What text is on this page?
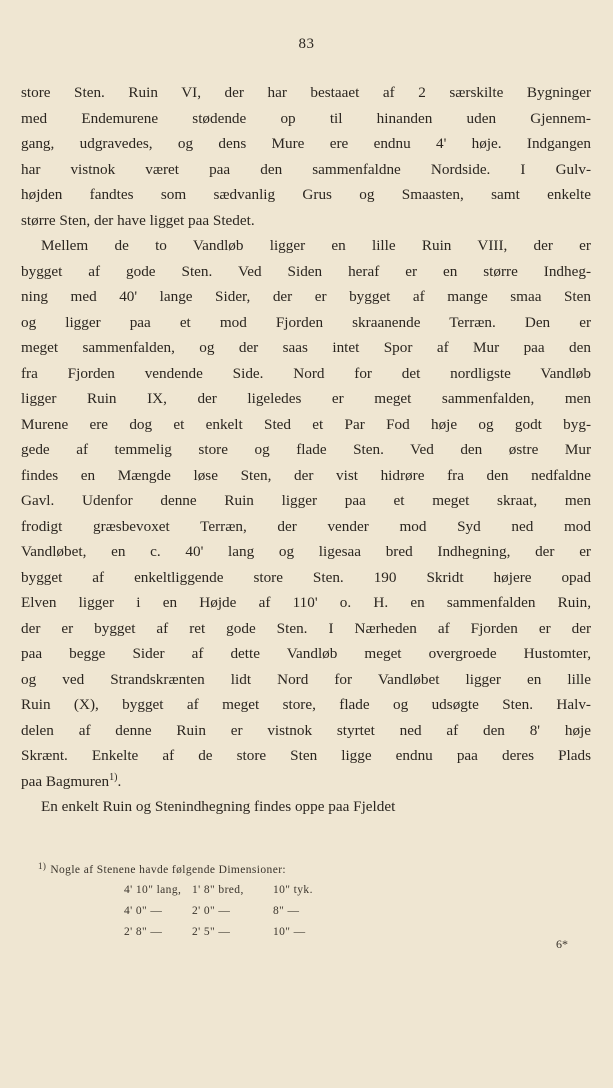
83
store Sten. Ruin VI, der har bestaaet af 2 særskilte Bygninger
med Endemurene stødende op til hinanden uden Gjennem-
gang, udgravedes, og dens Mure ere endnu 4' høje. Indgangen
har vistnok været paa den sammenfaldne Nordside. I Gulv-
højden fandtes som sædvanlig Grus og Smaasten, samt enkelte
større Sten, der have ligget paa Stedet.
Mellem de to Vandløb ligger en lille Ruin VIII, der er
bygget af gode Sten. Ved Siden heraf er en større Indheg-
ning med 40' lange Sider, der er bygget af mange smaa Sten
og ligger paa et mod Fjorden skraanende Terræn. Den er
meget sammenfalden, og der saas intet Spor af Mur paa den
fra Fjorden vendende Side. Nord for det nordligste Vandløb
ligger Ruin IX, der ligeledes er meget sammenfalden, men
Murene ere dog et enkelt Sted et Par Fod høje og godt byg-
gede af temmelig store og flade Sten. Ved den østre Mur
findes en Mængde løse Sten, der vist hidrøre fra den nedfaldne
Gavl. Udenfor denne Ruin ligger paa et meget skraat, men
frodigt græsbevoxet Terræn, der vender mod Syd ned mod
Vandløbet, en c. 40' lang og ligesaa bred Indhegning, der er
bygget af enkeltliggende store Sten. 190 Skridt højere opad
Elven ligger i en Højde af 110' o. H. en sammenfalden Ruin,
der er bygget af ret gode Sten. I Nærheden af Fjorden er der
paa begge Sider af dette Vandløb meget overgroede Hustomter,
og ved Strandskrænten lidt Nord for Vandløbet ligger en lille
Ruin (X), bygget af meget store, flade og udsøgte Sten. Halv-
delen af denne Ruin er vistnok styrtet ned af den 8' høje
Skrænt. Enkelte af de store Sten ligge endnu paa deres Plads
paa Bagmuren$^{1)}$.
En enkelt Ruin og Stenindhegning findes oppe paa Fjeldet
$^{1)}$ Nogle af Stenene havde følgende Dimensioner:
4' 10" lang,	1' 8" bred,	10" tyk.
4' 0" —	2' 0" —	8" —
2' 8" —	2' 5" —	10" —
6*
